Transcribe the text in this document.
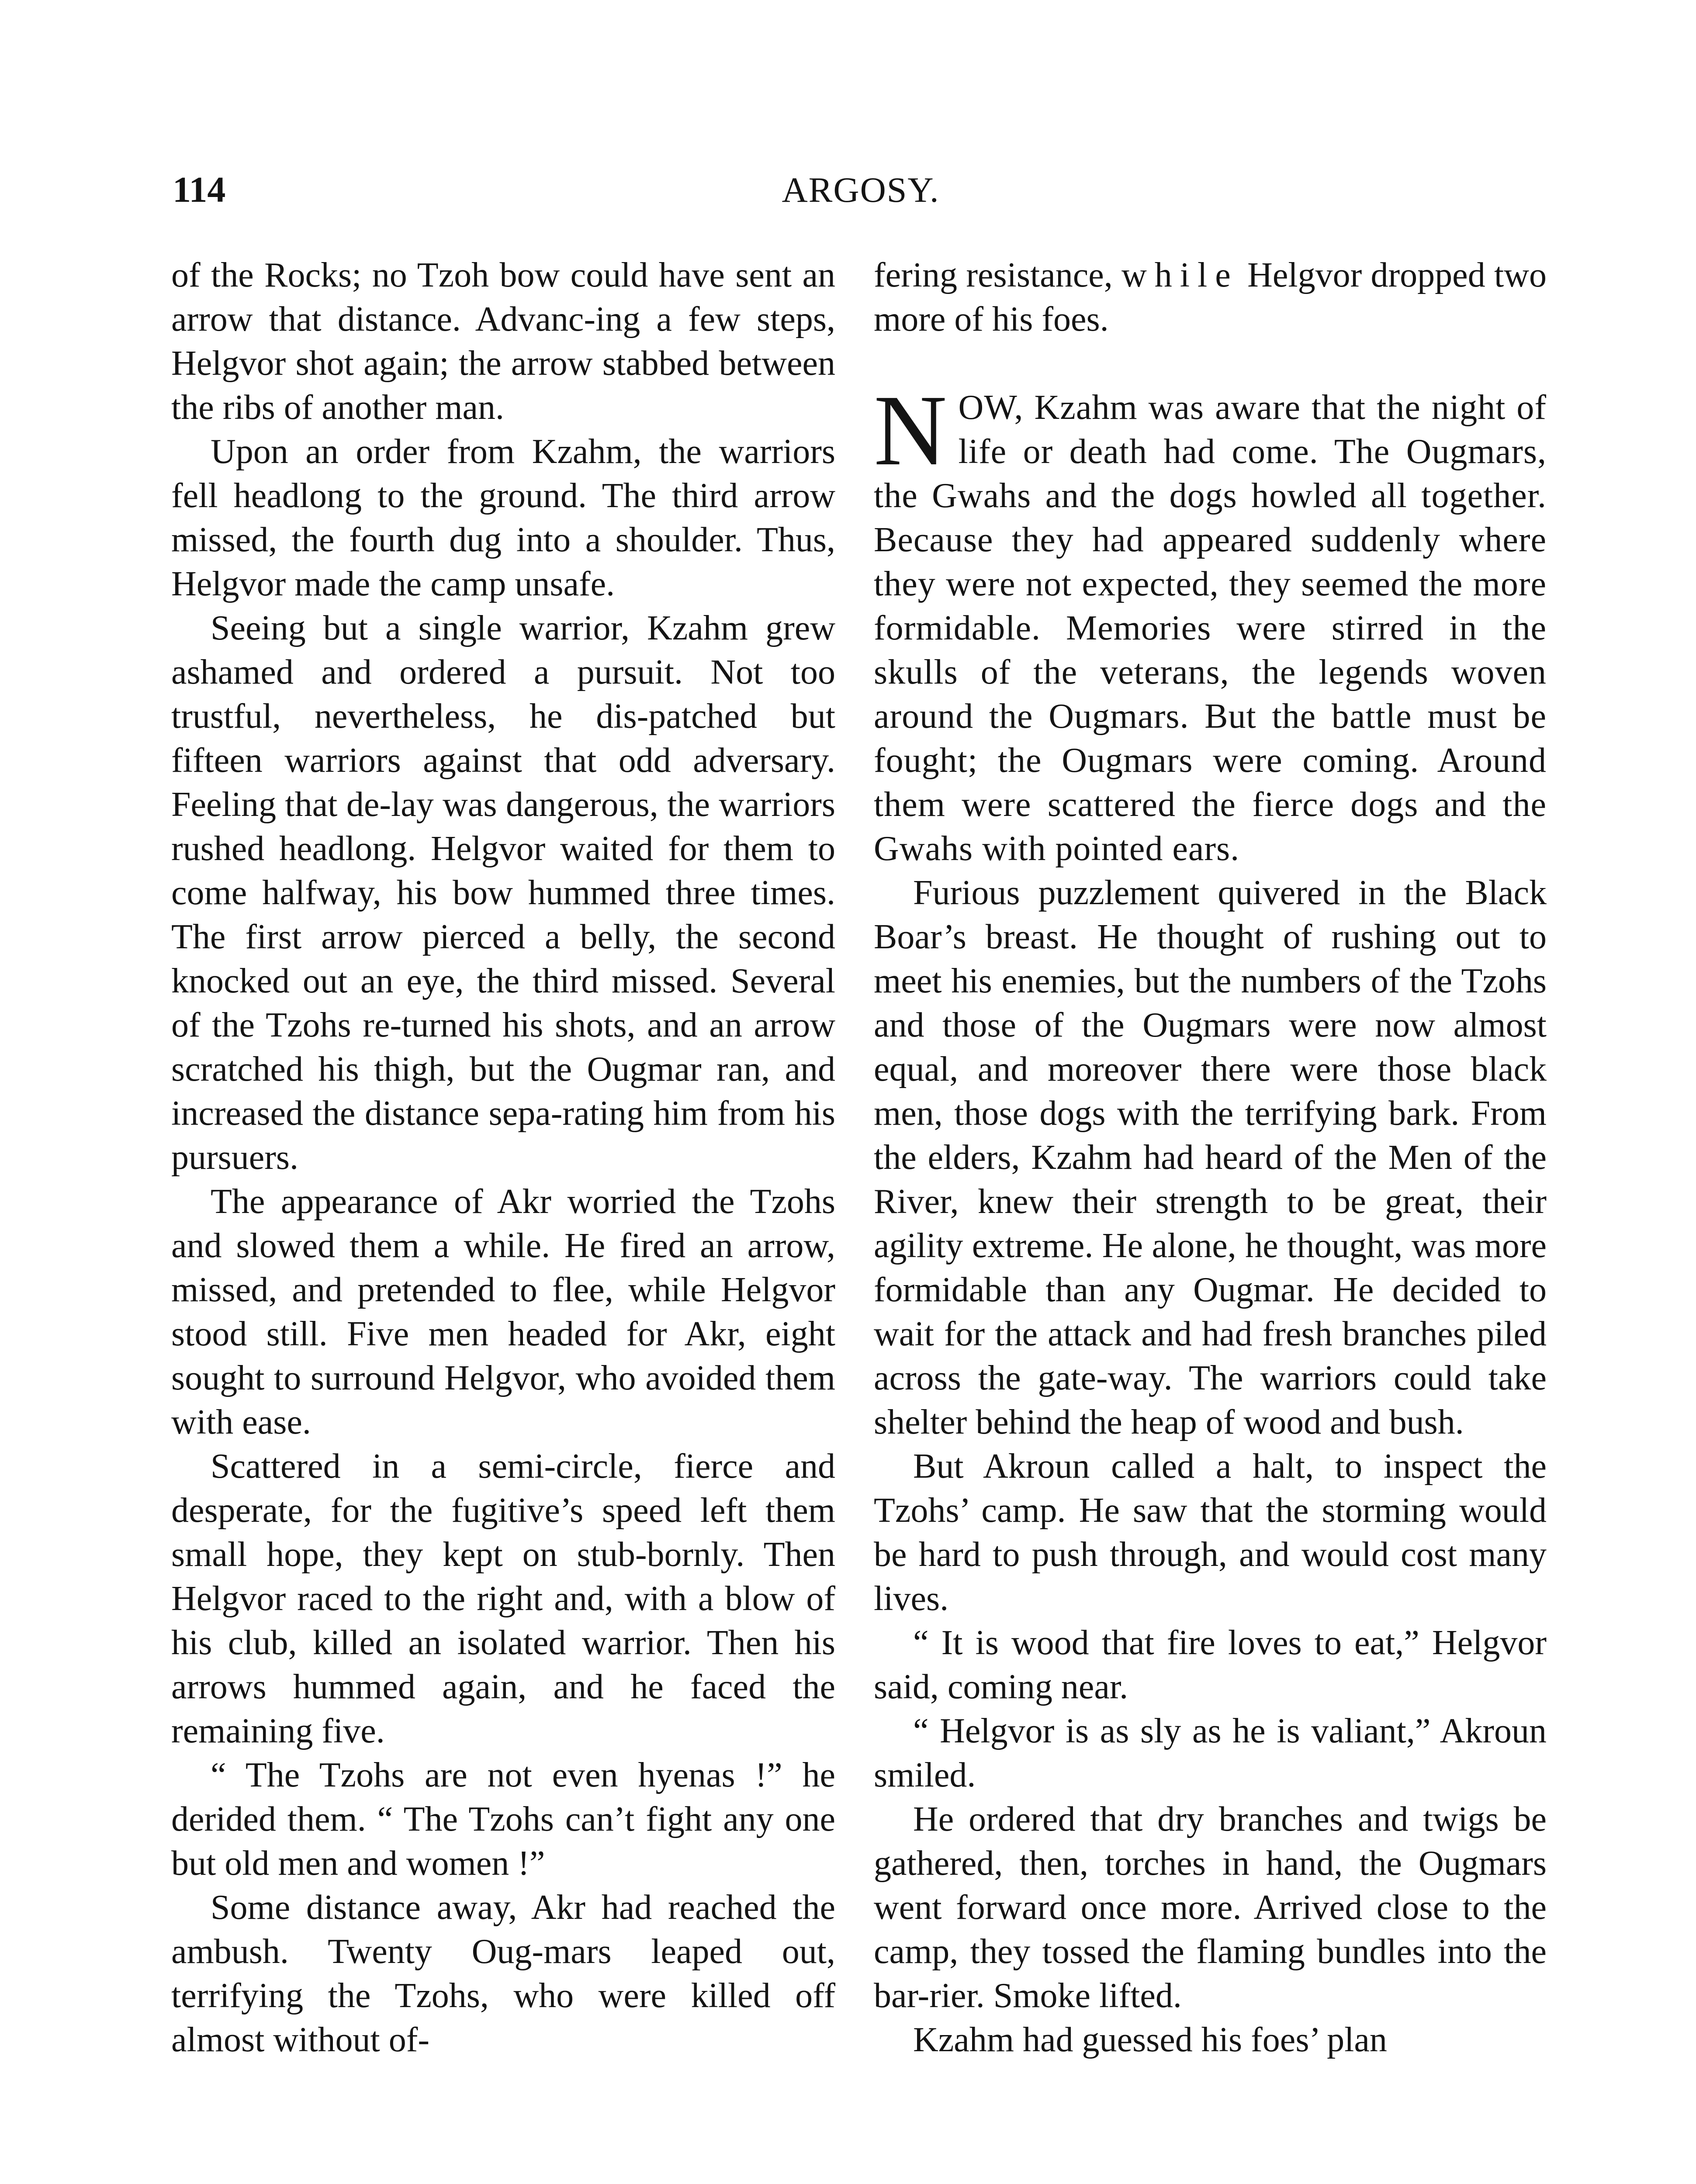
114	ARGOSY.

of the Rocks; no Tzoh bow could have sent an arrow that distance. Advanc-ing a few steps, Helgvor shot again; the arrow stabbed between the ribs of another man.

Upon an order from Kzahm, the warriors fell headlong to the ground. The third arrow missed, the fourth dug into a shoulder. Thus, Helgvor made the camp unsafe.

Seeing but a single warrior, Kzahm grew ashamed and ordered a pursuit. Not too trustful, nevertheless, he dis-patched but fifteen warriors against that odd adversary. Feeling that de-lay was dangerous, the warriors rushed headlong. Helgvor waited for them to come halfway, his bow hummed three times. The first arrow pierced a belly, the second knocked out an eye, the third missed. Several of the Tzohs re-turned his shots, and an arrow scratched his thigh, but the Ougmar ran, and increased the distance sepa-rating him from his pursuers.

The appearance of Akr worried the Tzohs and slowed them a while. He fired an arrow, missed, and pretended to flee, while Helgvor stood still. Five men headed for Akr, eight sought to surround Helgvor, who avoided them with ease.

Scattered in a semi-circle, fierce and desperate, for the fugitive’s speed left them small hope, they kept on stub-bornly. Then Helgvor raced to the right and, with a blow of his club, killed an isolated warrior. Then his arrows hummed again, and he faced the remaining five.

“ The Tzohs are not even hyenas !” he derided them. “ The Tzohs can’t fight any one but old men and women !”

Some distance away, Akr had reached the ambush. Twenty Oug-mars leaped out, terrifying the Tzohs, who were killed off almost without of-

fering resistance, while Helgvor dropped two more of his foes.

NOW, Kzahm was aware that the night of life or death had come. The Ougmars, the Gwahs and the dogs howled all together. Because they had appeared suddenly where they were not expected, they seemed the more formidable. Memories were stirred in the skulls of the veterans, the legends woven around the Ougmars. But the battle must be fought; the Ougmars were coming. Around them were scattered the fierce dogs and the Gwahs with pointed ears.

Furious puzzlement quivered in the Black Boar’s breast. He thought of rushing out to meet his enemies, but the numbers of the Tzohs and those of the Ougmars were now almost equal, and moreover there were those black men, those dogs with the terrifying bark. From the elders, Kzahm had heard of the Men of the River, knew their strength to be great, their agility extreme. He alone, he thought, was more formidable than any Ougmar. He decided to wait for the attack and had fresh branches piled across the gate-way. The warriors could take shelter behind the heap of wood and bush.

But Akroun called a halt, to inspect the Tzohs’ camp. He saw that the storming would be hard to push through, and would cost many lives.

“ It is wood that fire loves to eat,” Helgvor said, coming near.

“ Helgvor is as sly as he is valiant,” Akroun smiled.

He ordered that dry branches and twigs be gathered, then, torches in hand, the Ougmars went forward once more. Arrived close to the camp, they tossed the flaming bundles into the bar-rier. Smoke lifted.

Kzahm had guessed his foes’ plan
